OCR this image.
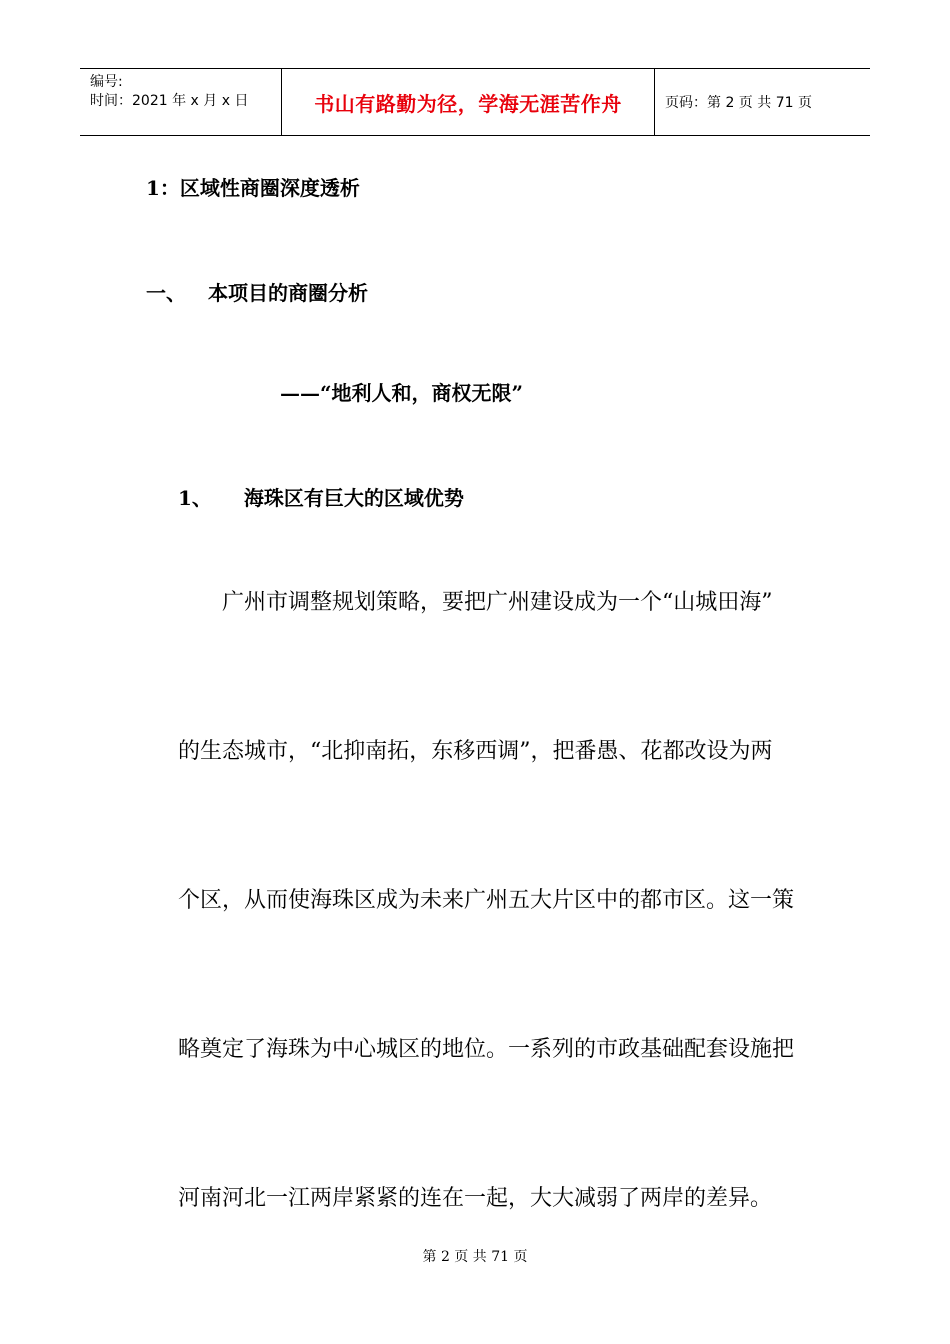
编号:
时间：2021 年 x 月 x 日	书山有路勤为径，学海无涯苦作舟	页码：第 2 页 共 71 页
1：区域性商圈深度透析
一、 本项目的商圈分析
——“地利人和，商权无限”
1、 海珠区有巨大的区域优势
广州市调整规划策略，要把广州建设成为一个“山城田海”
的生态城市，“北抑南拓，东移西调”，把番愚、花都改设为两
个区，从而使海珠区成为未来广州五大片区中的都市区。这一策
略奠定了海珠为中心城区的地位。一系列的市政基础配套设施把
河南河北一江两岸紧紧的连在一起，大大减弱了两岸的差异。
第 2 页 共 71 页
